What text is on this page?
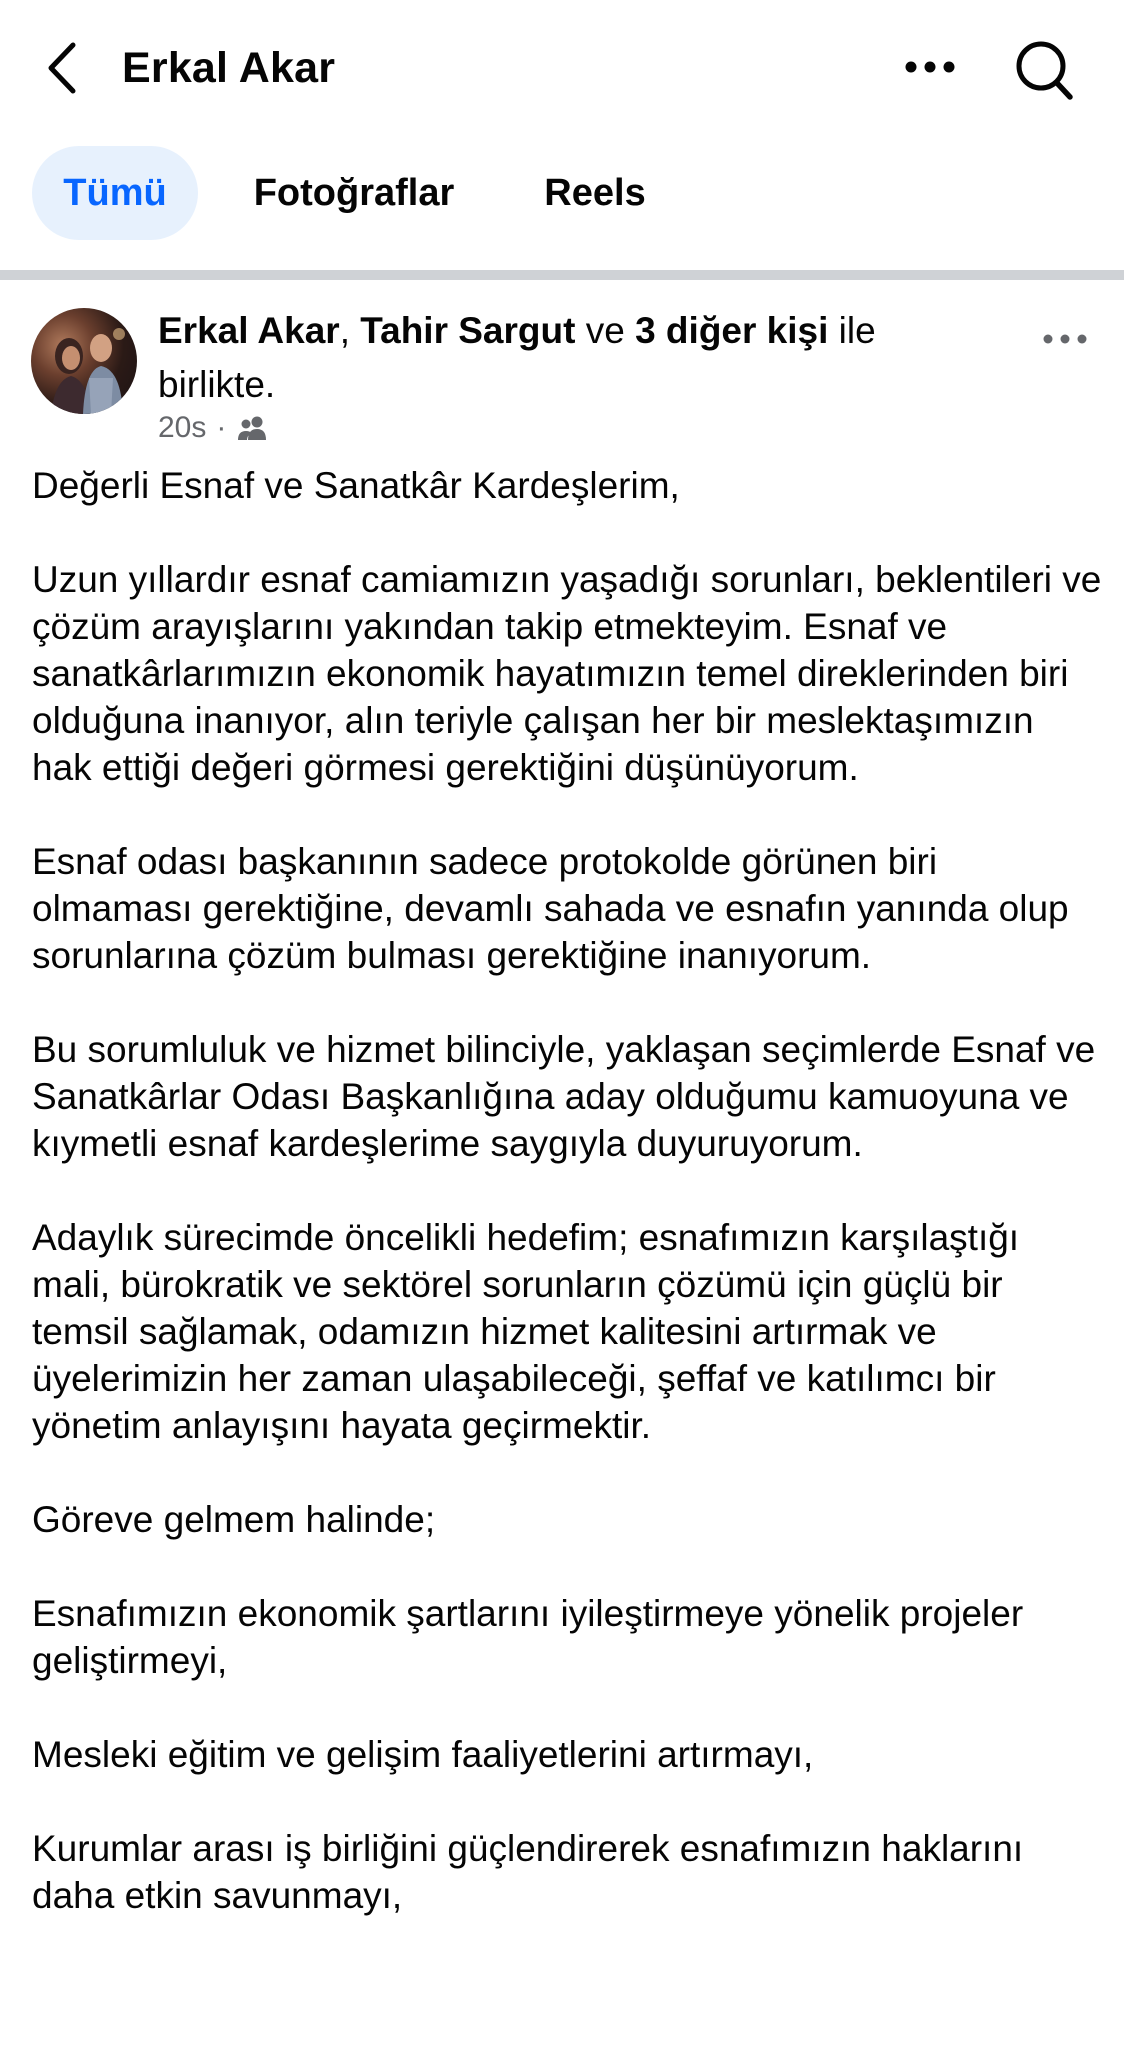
Erkal Akar
Tümü	Fotoğraflar	Reels
Erkal Akar, Tahir Sargut ve 3 diğer kişi ile birlikte.
20s ·

Değerli Esnaf ve Sanatkâr Kardeşlerim,

Uzun yıllardır esnaf camiamızın yaşadığı sorunları, beklentileri ve çözüm arayışlarını yakından takip etmekteyim. Esnaf ve sanatkârlarımızın ekonomik hayatımızın temel direklerinden biri olduğuna inanıyor, alın teriyle çalışan her bir meslektaşımızın hak ettiği değeri görmesi gerektiğini düşünüyorum.

Esnaf odası başkanının sadece protokolde görünen biri olmaması gerektiğine, devamlı sahada ve esnafın yanında olup sorunlarına çözüm bulması gerektiğine inanıyorum.

Bu sorumluluk ve hizmet bilinciyle, yaklaşan seçimlerde Esnaf ve Sanatkârlar Odası Başkanlığına aday olduğumu kamuoyuna ve kıymetli esnaf kardeşlerime saygıyla duyuruyorum.

Adaylık sürecimde öncelikli hedefim; esnafımızın karşılaştığı mali, bürokratik ve sektörel sorunların çözümü için güçlü bir temsil sağlamak, odamızın hizmet kalitesini artırmak ve üyelerimizin her zaman ulaşabileceği, şeffaf ve katılımcı bir yönetim anlayışını hayata geçirmektir.

Göreve gelmem halinde;

Esnafımızın ekonomik şartlarını iyileştirmeye yönelik projeler geliştirmeyi,

Mesleki eğitim ve gelişim faaliyetlerini artırmayı,

Kurumlar arası iş birliğini güçlendirerek esnafımızın haklarını daha etkin savunmayı,
